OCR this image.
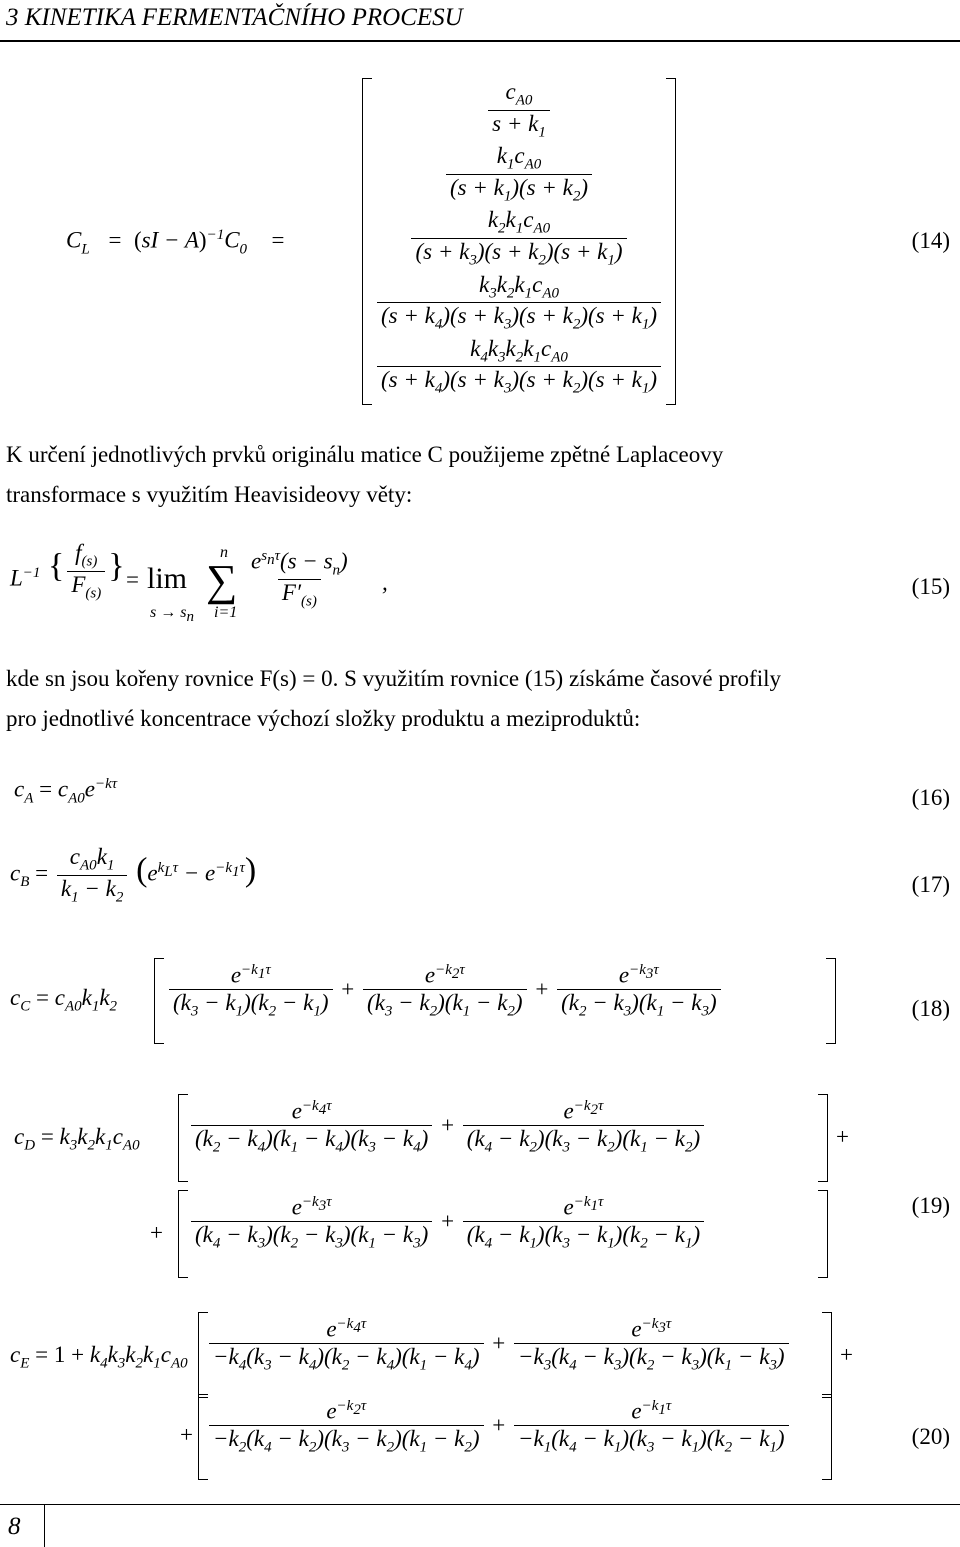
3 KINETIKA FERMENTAČNÍHO PROCESU
$C_L = (sI - A)^{-1}C_0$    =
$\frac{c_{A0}}{s + k_1}$
$\frac{k_1c_{A0}}{(s + k_1)(s + k_2)}$
$\frac{k_2k_1c_{A0}}{(s + k_3)(s + k_2)(s + k_1)}$
$\frac{k_3k_2k_1c_{A0}}{(s + k_4)(s + k_3)(s + k_2)(s + k_1)}$
$\frac{k_4k_3k_2k_1c_{A0}}{(s + k_4)(s + k_3)(s + k_2)(s + k_1)}$
(14)
K určení jednotlivých prvků originálu matice C použijeme zpětné Laplaceovy
transformace s využitím Heavisideovy věty:
$L^{-1}$ { $\frac{f_{(s)}}{F_{(s)}}$ } = lim
$s \to s_n$
n
∑
i=1
$\frac{e^{s_n\tau}(s - s_n)}{F'_{(s)}}$ ,	(15)
kde sn jsou kořeny rovnice F(s) = 0. S využitím rovnice (15) získáme časové profily
pro jednotlivé koncentrace výchozí složky produktu a meziproduktů:
$c_A = c_{A0}e^{-k\tau}$
(16)
$c_B = \frac{c_{A0}k_1}{k_1 - k_2} (e^{k_L\tau} - e^{-k_1\tau})$	(17)
$c_C = c_{A0}k_1k_2 \frac{e^{-k_1\tau}}{(k_3 - k_1)(k_2 - k_1)} + \frac{e^{-k_2\tau}}{(k_3 - k_2)(k_1 - k_2)} + \frac{e^{-k_3\tau}}{(k_2 - k_3)(k_1 - k_3)}$	(18)
$c_D = k_3k_2k_1c_{A0} \frac{e^{-k_4\tau}}{(k_2 - k_4)(k_1 - k_4)(k_3 - k_4)} + \frac{e^{-k_2\tau}}{(k_4 - k_2)(k_3 - k_2)(k_1 - k_2)}$	+
+ $\frac{e^{-k_3\tau}}{(k_4 - k_3)(k_2 - k_3)(k_1 - k_3)} + \frac{e^{-k_1\tau}}{(k_4 - k_1)(k_3 - k_1)(k_2 - k_1)}$	(19)
$c_E = 1 + k_4k_3k_2k_1c_{A0} \frac{e^{-k_4\tau}}{-k_4(k_3 - k_4)(k_2 - k_4)(k_1 - k_4)} + \frac{e^{-k_3\tau}}{-k_3(k_4 - k_3)(k_2 - k_3)(k_1 - k_3)}$ +
+ $\frac{e^{-k_2\tau}}{-k_2(k_4 - k_2)(k_3 - k_2)(k_1 - k_2)} + \frac{e^{-k_1\tau}}{-k_1(k_4 - k_1)(k_3 - k_1)(k_2 - k_1)}$	(20)
8
